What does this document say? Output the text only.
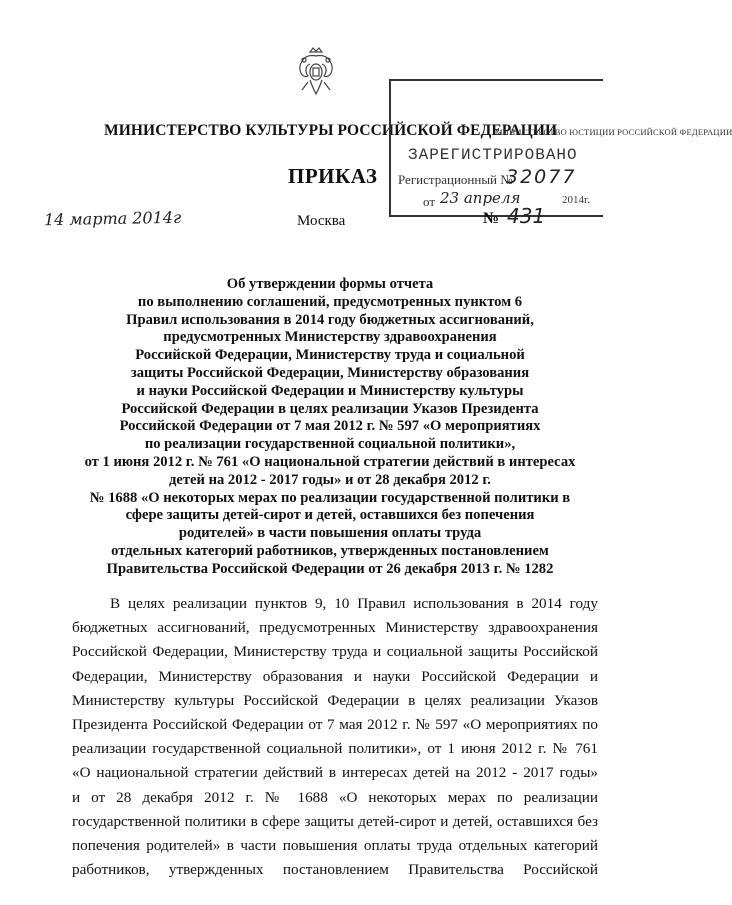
МИНИСТЕРСТВО КУЛЬТУРЫ РОССИЙСКОЙ ФЕДЕРАЦИИ
ПРИКАЗ
14 марта 2014г	Москва
МИНИСТЕРСТВО ЮСТИЦИИ РОССИЙСКОЙ ФЕДЕРАЦИИ
ЗАРЕГИСТРИРОВАНО
Регистрационный №
32077
от 23 апреля	2014г.
№ 431
Об утверждении формы отчета
по выполнению соглашений, предусмотренных пунктом 6
Правил использования в 2014 году бюджетных ассигнований,
предусмотренных Министерству здравоохранения
Российской Федерации, Министерству труда и социальной
защиты Российской Федерации, Министерству образования
и науки Российской Федерации и Министерству культуры
Российской Федерации в целях реализации Указов Президента
Российской Федерации от 7 мая 2012 г. № 597 «О мероприятиях
по реализации государственной социальной политики»,
от 1 июня 2012 г. № 761 «О национальной стратегии действий в интересах
детей на 2012 - 2017 годы» и от 28 декабря 2012 г.
№ 1688 «О некоторых мерах по реализации государственной политики в
сфере защиты детей-сирот и детей, оставшихся без попечения
родителей» в части повышения оплаты труда
отдельных категорий работников, утвержденных постановлением
Правительства Российской Федерации от 26 декабря 2013 г. № 1282
В целях реализации пунктов 9, 10 Правил использования в 2014 году
бюджетных ассигнований, предусмотренных Министерству здравоохранения
Российской Федерации, Министерству труда и социальной защиты Российской
Федерации, Министерству образования и науки Российской Федерации и
Министерству культуры Российской Федерации в целях реализации Указов
Президента Российской Федерации от 7 мая 2012 г. № 597 «О мероприятиях по
реализации государственной социальной политики», от 1 июня 2012 г. № 761
«О национальной стратегии действий в интересах детей на 2012 - 2017 годы»
и от 28 декабря 2012 г. № 1688 «О некоторых мерах по реализации
государственной политики в сфере защиты детей-сирот и детей, оставшихся без
попечения родителей» в части повышения оплаты труда отдельных категорий
работников, утвержденных постановлением Правительства Российской
